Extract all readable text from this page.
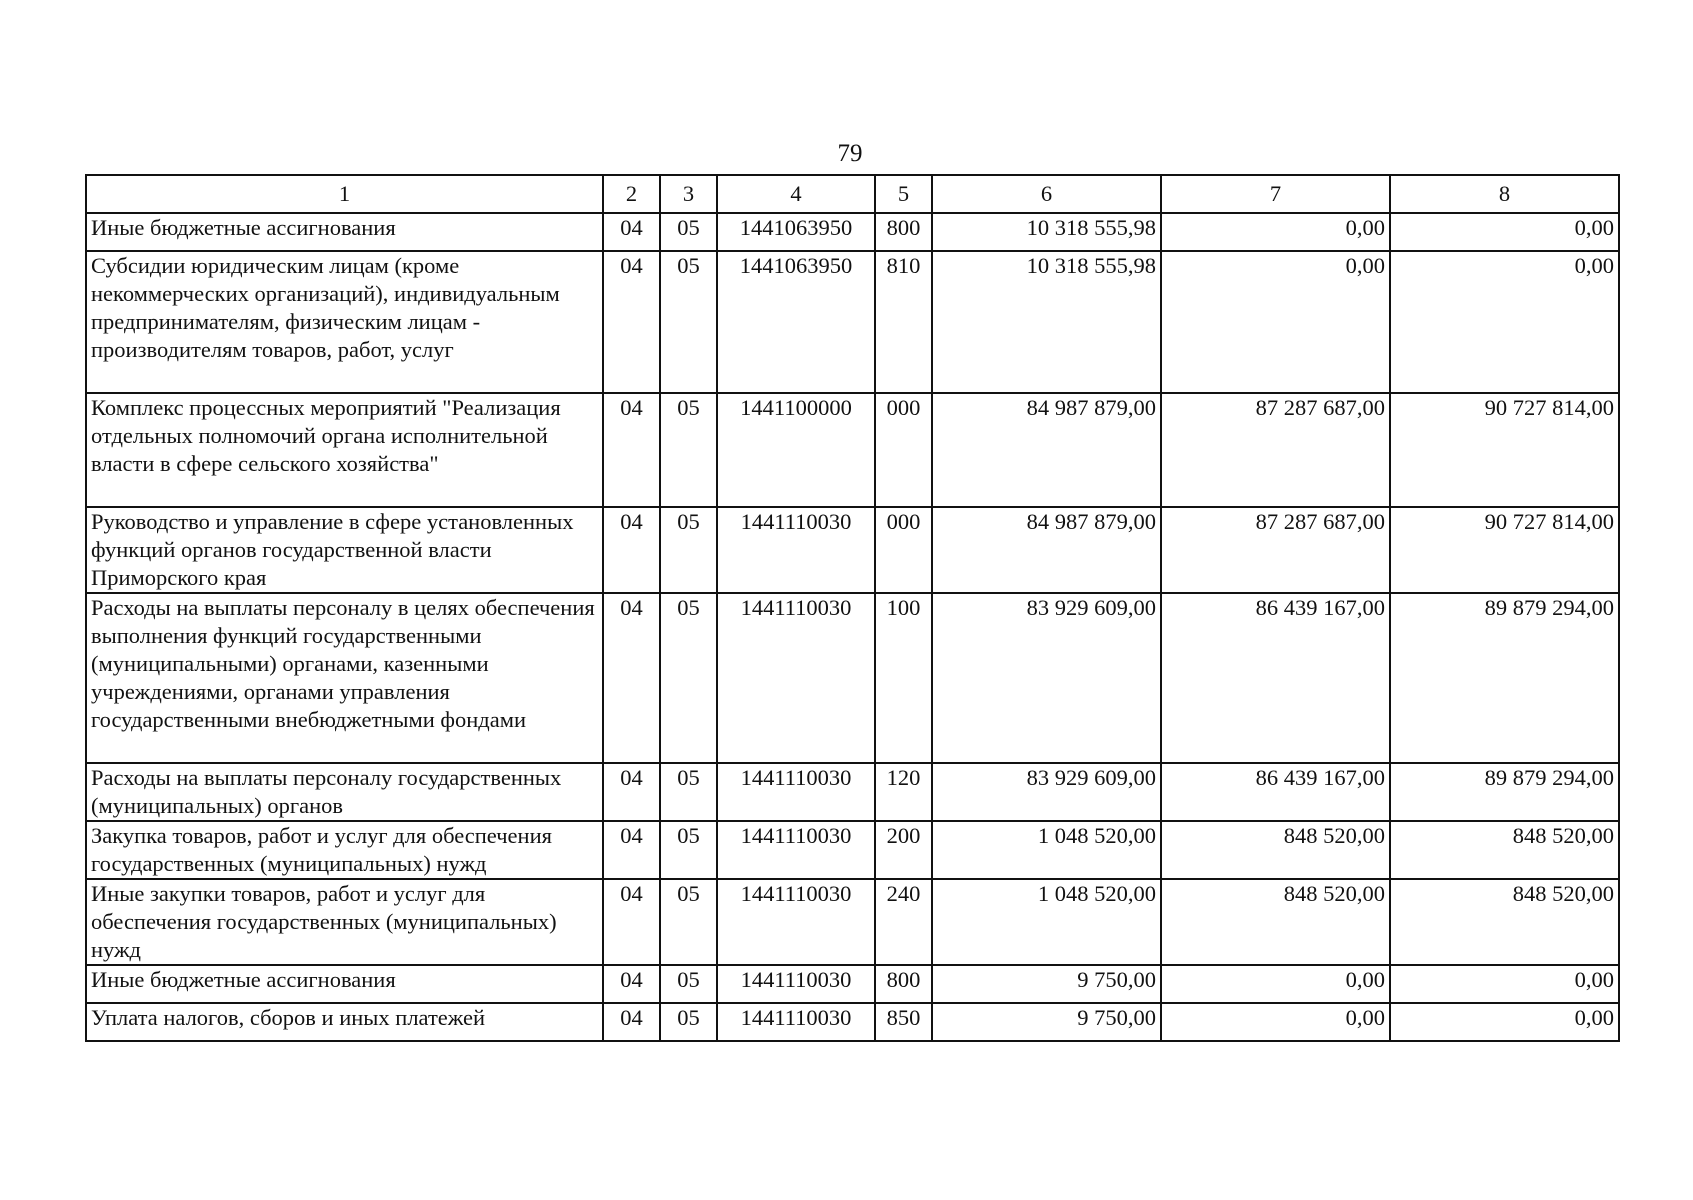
79
1	2	3	4	5	6	7	8
Иные бюджетные ассигнования	04	05	1441063950	800	10 318 555,98	0,00	0,00
Субсидии юридическим лицам (кроме некоммерческих организаций), индивидуальным предпринимателям, физическим лицам - производителям товаров, работ, услуг	04	05	1441063950	810	10 318 555,98	0,00	0,00
Комплекс процессных мероприятий "Реализация отдельных полномочий органа исполнительной власти в сфере сельского хозяйства"	04	05	1441100000	000	84 987 879,00	87 287 687,00	90 727 814,00
Руководство и управление в сфере установленных функций органов государственной власти Приморского края	04	05	1441110030	000	84 987 879,00	87 287 687,00	90 727 814,00
Расходы на выплаты персоналу в целях обеспечения выполнения функций государственными (муниципальными) органами, казенными учреждениями, органами управления государственными внебюджетными фондами	04	05	1441110030	100	83 929 609,00	86 439 167,00	89 879 294,00
Расходы на выплаты персоналу государственных (муниципальных) органов	04	05	1441110030	120	83 929 609,00	86 439 167,00	89 879 294,00
Закупка товаров, работ и услуг для обеспечения государственных (муниципальных) нужд	04	05	1441110030	200	1 048 520,00	848 520,00	848 520,00
Иные закупки товаров, работ и услуг для обеспечения государственных (муниципальных) нужд	04	05	1441110030	240	1 048 520,00	848 520,00	848 520,00
Иные бюджетные ассигнования	04	05	1441110030	800	9 750,00	0,00	0,00
Уплата налогов, сборов и иных платежей	04	05	1441110030	850	9 750,00	0,00	0,00
